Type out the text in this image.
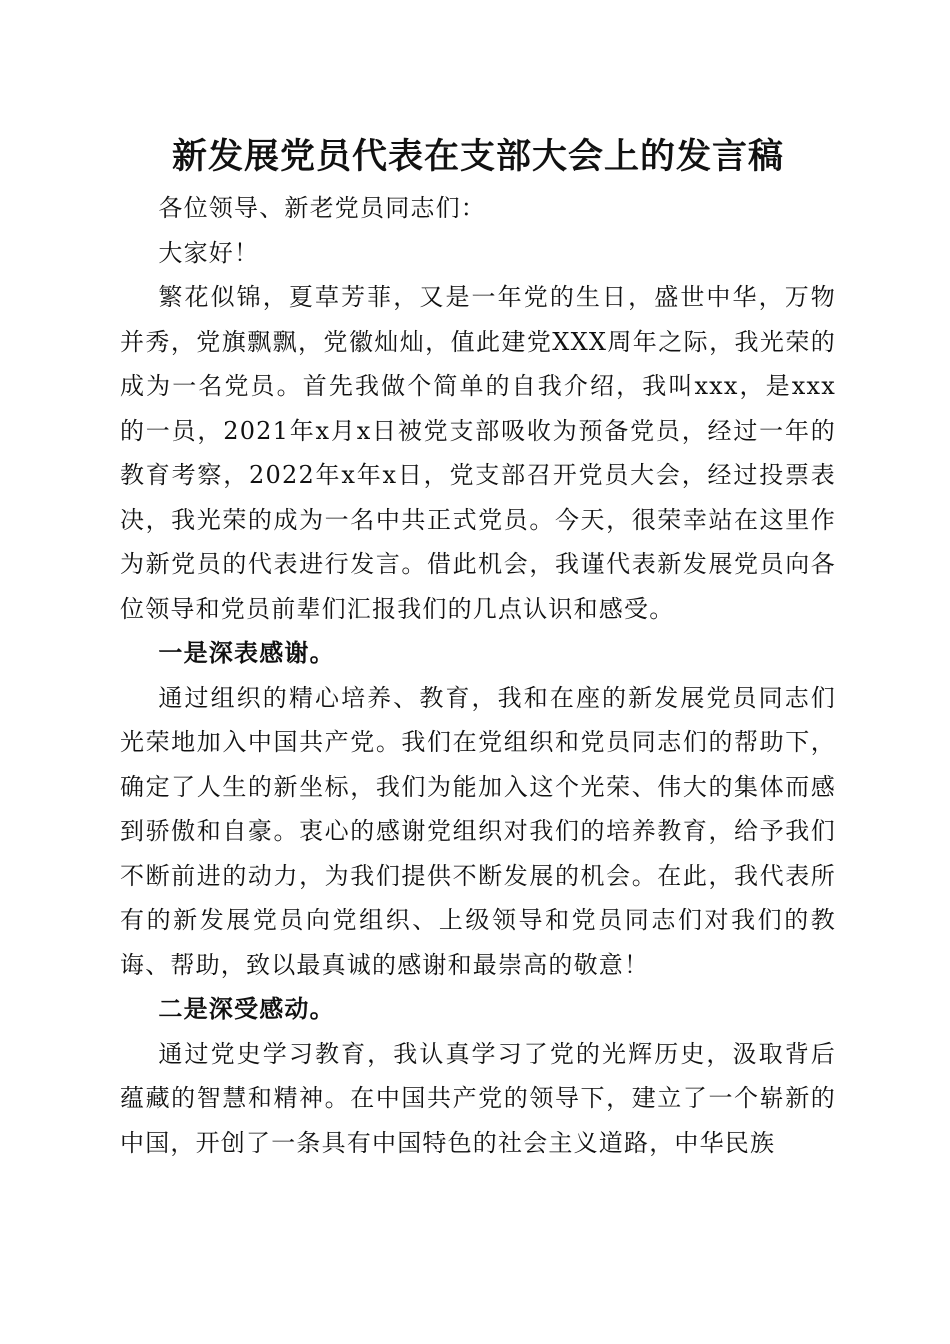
新发展党员代表在支部大会上的发言稿

各位领导、新老党员同志们：

大家好！

繁花似锦，夏草芳菲，又是一年党的生日，盛世中华，万物并秀，党旗飘飘，党徽灿灿，值此建党XXX周年之际，我光荣的成为一名党员。首先我做个简单的自我介绍，我叫xxx，是xxx的一员，2021年x月x日被党支部吸收为预备党员，经过一年的教育考察，2022年x年x日，党支部召开党员大会，经过投票表决，我光荣的成为一名中共正式党员。今天，很荣幸站在这里作为新党员的代表进行发言。借此机会，我谨代表新发展党员向各位领导和党员前辈们汇报我们的几点认识和感受。

一是深表感谢。

通过组织的精心培养、教育，我和在座的新发展党员同志们光荣地加入中国共产党。我们在党组织和党员同志们的帮助下，确定了人生的新坐标，我们为能加入这个光荣、伟大的集体而感到骄傲和自豪。衷心的感谢党组织对我们的培养教育，给予我们不断前进的动力，为我们提供不断发展的机会。在此，我代表所有的新发展党员向党组织、上级领导和党员同志们对我们的教诲、帮助，致以最真诚的感谢和最崇高的敬意！

二是深受感动。

通过党史学习教育，我认真学习了党的光辉历史，汲取背后蕴藏的智慧和精神。在中国共产党的领导下，建立了一个崭新的中国，开创了一条具有中国特色的社会主义道路，中华民族
